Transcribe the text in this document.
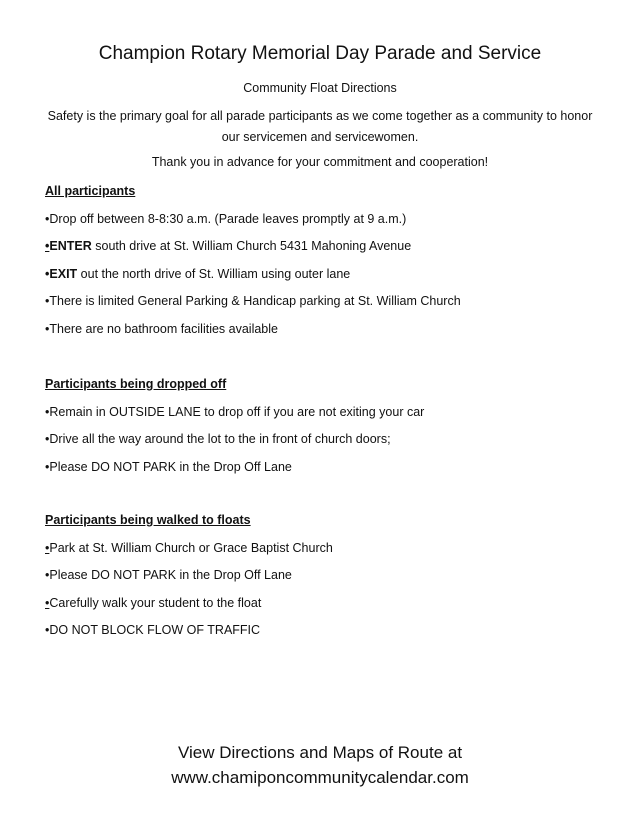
Champion Rotary Memorial Day Parade and Service
Community Float Directions
Safety is the primary goal for all parade participants as we come together as a community to honor our servicemen and servicewomen.
Thank you in advance for your commitment and cooperation!
All participants
•Drop off between 8-8:30 a.m. (Parade leaves promptly at 9 a.m.)
•ENTER south drive at St. William Church 5431 Mahoning Avenue
•EXIT out the north drive of St. William using outer lane
•There is limited General Parking & Handicap parking at St. William Church
•There are no bathroom facilities available
Participants being dropped off
•Remain in OUTSIDE LANE to drop off if you are not exiting your car
•Drive all the way around the lot to the in front of church doors;
•Please DO NOT PARK in the Drop Off Lane
Participants being walked to floats
•Park at St. William Church or Grace Baptist Church
•Please DO NOT PARK in the Drop Off Lane
•Carefully walk your student to the float
•DO NOT BLOCK FLOW OF TRAFFIC
View Directions and Maps of Route at
www.chamiponcommunitycalendar.com
